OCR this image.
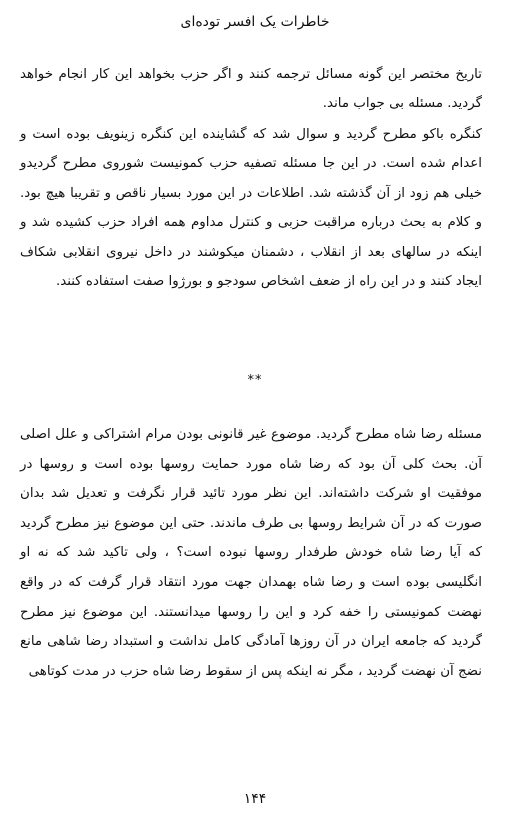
خاطرات یک افسر توده‌ای

تاریخ مختصر این گونه مسائل ترجمه کنند و اگر حزب بخواهد این کار انجام خواهد گردید. مسئله بی جواب ماند.

کنگره باکو مطرح گردید و سوال شد که گشاینده این کنگره زینویف بوده است و اعدام شده است. در این جا مسئله تصفیه حزب کمونیست شوروی مطرح گردیدو خیلی هم زود از آن گذشته شد. اطلاعات در این مورد بسیار ناقص و تقریبا هیچ بود. و کلام به بحث درباره مراقبت حزبی و کنترل مداوم همه افراد حزب کشیده شد و اینکه در سالهای بعد از انقلاب ، دشمنان میکوشند در داخل نیروی انقلابی شکاف ایجاد کنند و در این راه از ضعف اشخاص سودجو و بورژوا صفت استفاده کنند.

**

مسئله رضا شاه مطرح گردید. موضوع غیر قانونی بودن مرام اشتراکی و علل اصلی آن. بحث کلی آن بود که رضا شاه مورد حمایت روسها بوده است و روسها در موفقیت او شرکت داشته‌اند. این نظر مورد تائید قرار نگرفت و تعدیل شد بدان صورت که در آن شرایط روسها بی طرف ماندند. حتی این موضوع نیز مطرح گردید که آیا رضا شاه خودش طرفدار روسها نبوده است؟ ، ولی تاکید شد که نه او انگلیسی بوده است و رضا شاه بهمدان جهت مورد انتقاد قرار گرفت که در واقع نهضت کمونیستی را خفه کرد و این را روسها میدانستند. این موضوع نیز مطرح گردید که جامعه ایران در آن روزها آمادگی کامل نداشت و استبداد رضا شاهی مانع نضج آن نهضت گردید ، مگر نه اینکه پس از سقوط رضا شاه حزب در مدت کوتاهی

۱۴۴
